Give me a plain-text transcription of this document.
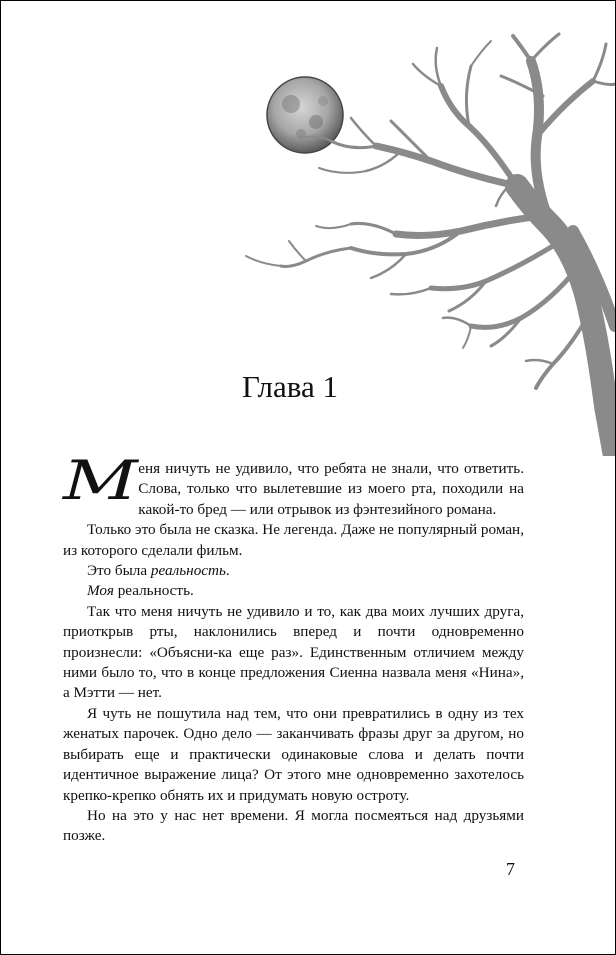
Глава 1

Меня ничуть не удивило, что ребята не знали, что ответить. Слова, только что вылетевшие из моего рта, походили на какой-то бред — или отрывок из фэнтезийного романа.

Только это была не сказка. Не легенда. Даже не популярный роман, из которого сделали фильм.

Это была реальность.

Моя реальность.

Так что меня ничуть не удивило и то, как два моих лучших друга, приоткрыв рты, наклонились вперед и почти одновременно произнесли: «Объясни-ка еще раз». Единственным отличием между ними было то, что в конце предложения Сиенна назвала меня «Нина», а Мэтти — нет.

Я чуть не пошутила над тем, что они превратились в одну из тех женатых парочек. Одно дело — заканчивать фразы друг за другом, но выбирать еще и практически одинаковые слова и делать почти идентичное выражение лица? От этого мне одновременно захотелось крепко-крепко обнять их и придумать новую остроту.

Но на это у нас нет времени. Я могла посмеяться над друзьями позже.

7
